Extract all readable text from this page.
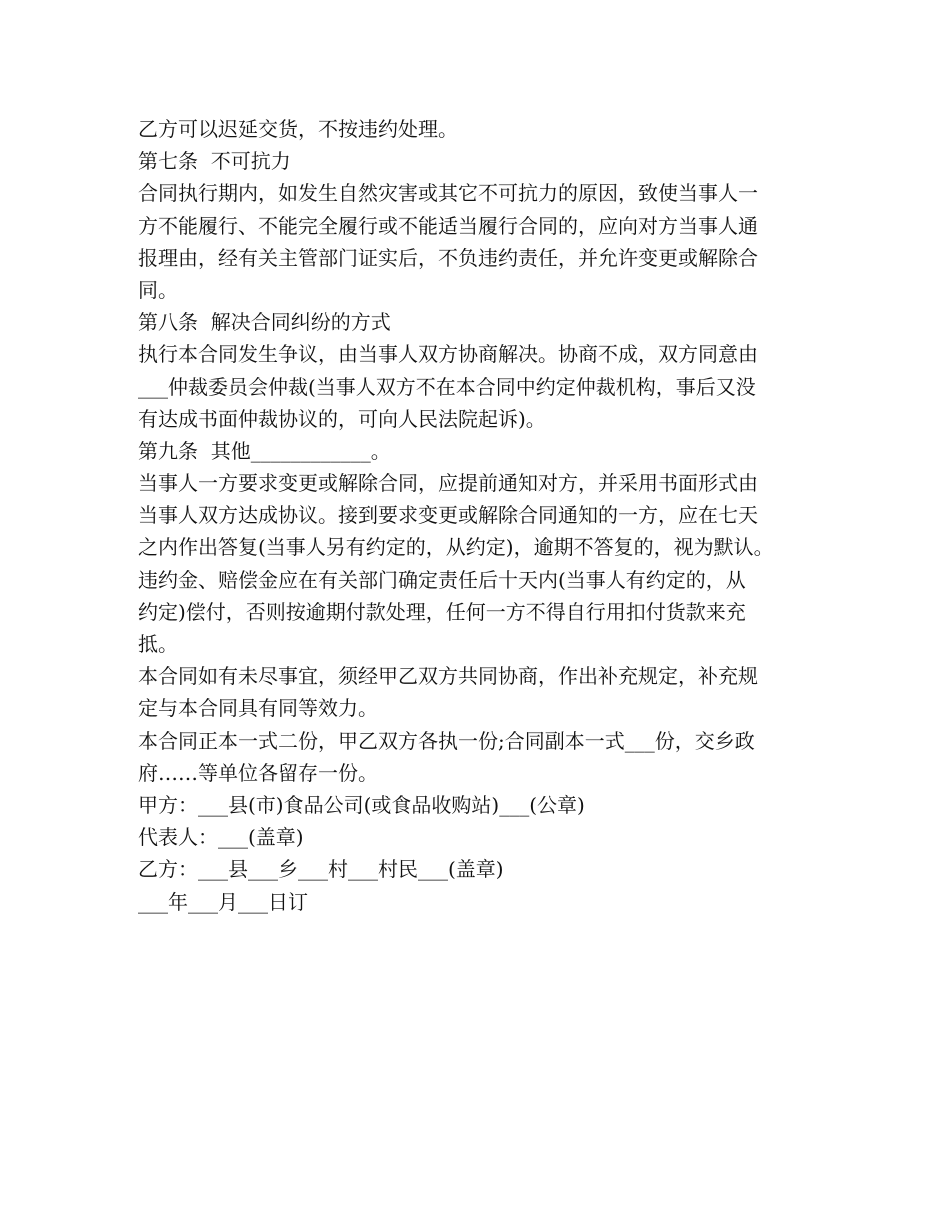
乙方可以迟延交货，不按违约处理。

第七条  不可抗力

合同执行期内，如发生自然灾害或其它不可抗力的原因，致使当事人一

方不能履行、不能完全履行或不能适当履行合同的，应向对方当事人通

报理由，经有关主管部门证实后，不负违约责任，并允许变更或解除合

同。

第八条  解决合同纠纷的方式

执行本合同发生争议，由当事人双方协商解决。协商不成，双方同意由

___仲裁委员会仲裁(当事人双方不在本合同中约定仲裁机构，事后又没

有达成书面仲裁协议的，可向人民法院起诉)。

第九条  其他____________。

当事人一方要求变更或解除合同，应提前通知对方，并采用书面形式由

当事人双方达成协议。接到要求变更或解除合同通知的一方，应在七天

之内作出答复(当事人另有约定的，从约定)，逾期不答复的，视为默认。

违约金、赔偿金应在有关部门确定责任后十天内(当事人有约定的，从

约定)偿付，否则按逾期付款处理，任何一方不得自行用扣付货款来充

抵。

本合同如有未尽事宜，须经甲乙双方共同协商，作出补充规定，补充规

定与本合同具有同等效力。

本合同正本一式二份，甲乙双方各执一份;合同副本一式___份，交乡政

府……等单位各留存一份。

甲方：___县(市)食品公司(或食品收购站)___(公章)

代表人：___(盖章)

乙方：___县___乡___村___村民___(盖章)

___年___月___日订
